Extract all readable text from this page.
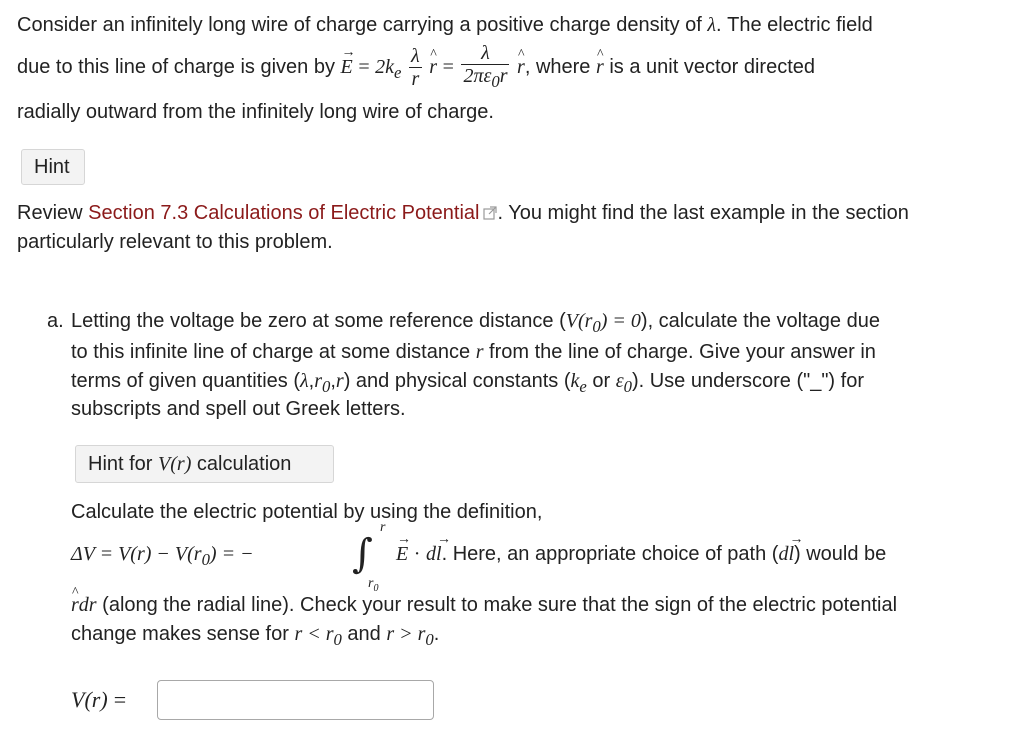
Consider an infinitely long wire of charge carrying a positive charge density of λ. The electric field
due to this line of charge is given by → $E = 2k_e \frac{\lambda}{r}$ ^ $r = \frac{\lambda}{2\pi\varepsilon_0r}$ ^ r, where ^ r is a unit vector directed
radially outward from the infinitely long wire of charge.
Hint
Review Section 7.3 Calculations of Electric Potential . You might find the last example in the section
particularly relevant to this problem.
a. Letting the voltage be zero at some reference distance $(V(r_0) = 0)$, calculate the voltage due
to this infinite line of charge at some distance r from the line of charge. Give your answer in
terms of given quantities $(\lambda,r_0,r)$ and physical constants ($k_e$ or $\varepsilon_0$). Use underscore ("_") for
subscripts and spell out Greek letters.
Hint for
V(r)
calculation
Calculate the electric potential by using the definition,
$\Delta V = V(r) - V(r_0)$ = − ∫
r
$r_0$
→ E · d→ l. Here, an appropriate choice of path (d→ l) would be
^ rdr (along the radial line). Check your result to make sure that the sign of the electric potential
change makes sense for $r < r_0$ and $r > r_0$.
V(r) =
